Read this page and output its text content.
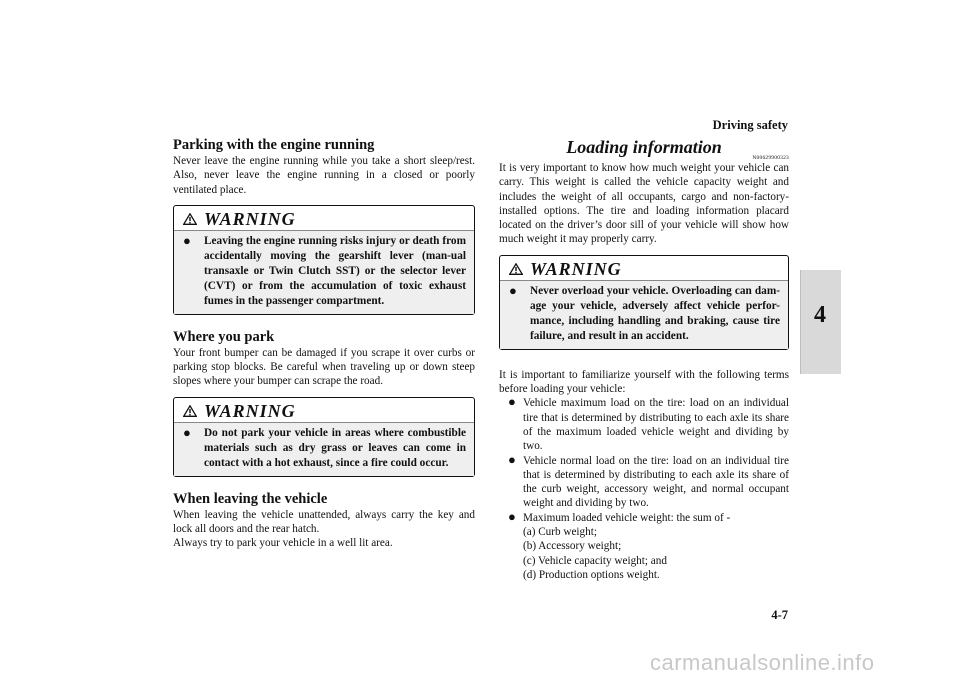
Driving safety
4
Parking with the engine running

Never leave the engine running while you take a short sleep/rest. Also, never leave the engine running in a closed or poorly ventilated place.

WARNING
● Leaving the engine running risks injury or death from accidentally moving the gearshift lever (man-ual transaxle or Twin Clutch SST) or the selector lever (CVT) or from the accumulation of toxic exhaust fumes in the passenger compartment.
Where you park

Your front bumper can be damaged if you scrape it over curbs or parking stop blocks. Be careful when traveling up or down steep slopes where your bumper can scrape the road.

WARNING
● Do not park your vehicle in areas where combustible materials such as dry grass or leaves can come in contact with a hot exhaust, since a fire could occur.
When leaving the vehicle

When leaving the vehicle unattended, always carry the key and lock all doors and the rear hatch.

Always try to park your vehicle in a well lit area.

Loading information
N00629900323

It is very important to know how much weight your vehicle can carry. This weight is called the vehicle capacity weight and includes the weight of all occupants, cargo and non-factory-installed options. The tire and loading information placard located on the driver’s door sill of your vehicle will show how much weight it may properly carry.

WARNING
● Never overload your vehicle. Overloading can dam-age your vehicle, adversely affect vehicle perfor-mance, including handling and braking, cause tire failure, and result in an accident.

It is important to familiarize yourself with the following terms before loading your vehicle:

● Vehicle maximum load on the tire: load on an individual tire that is determined by distributing to each axle its share of the maximum loaded vehicle weight and dividing by two.
● Vehicle normal load on the tire: load on an individual tire that is determined by distributing to each axle its share of the curb weight, accessory weight, and normal occupant weight and dividing by two.
● Maximum loaded vehicle weight: the sum of -
(a) Curb weight;
(b) Accessory weight;
(c) Vehicle capacity weight; and
(d) Production options weight.
4-7
carmanualsonline.info
